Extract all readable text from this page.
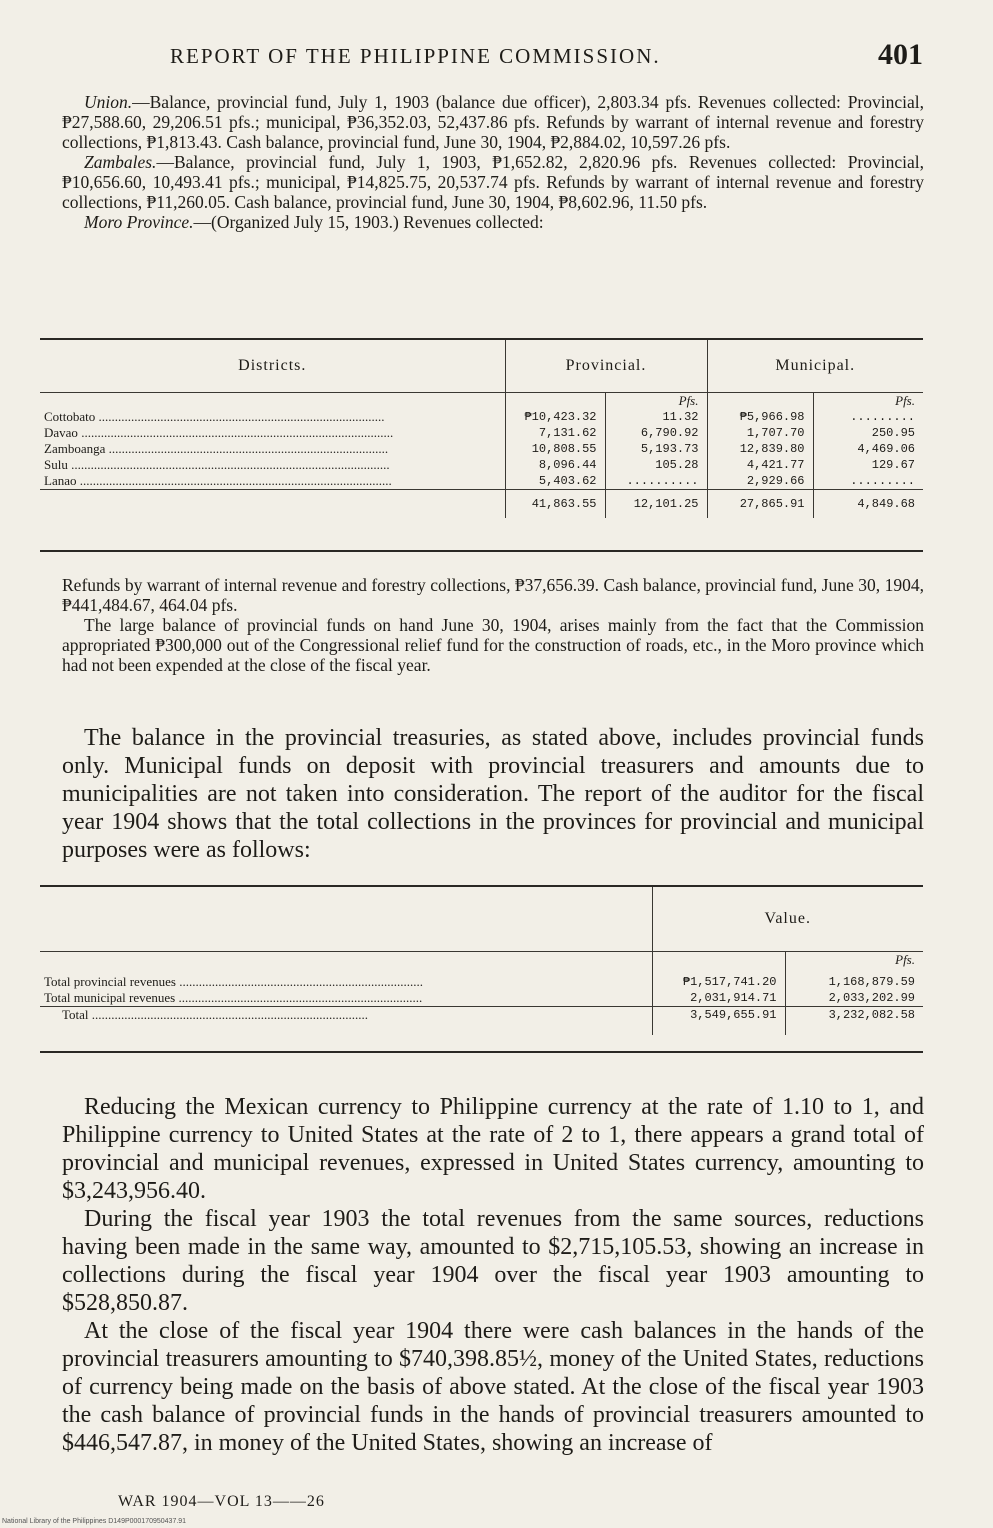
REPORT OF THE PHILIPPINE COMMISSION.	401

Union.—Balance, provincial fund, July 1, 1903 (balance due officer), 2,803.34 pfs. Revenues collected: Provincial, ₱27,588.60, 29,206.51 pfs.; municipal, ₱36,352.03, 52,437.86 pfs. Refunds by warrant of internal revenue and forestry collections, ₱1,813.43. Cash balance, provincial fund, June 30, 1904, ₱2,884.02, 10,597.26 pfs.

Zambales.—Balance, provincial fund, July 1, 1903, ₱1,652.82, 2,820.96 pfs. Revenues collected: Provincial, ₱10,656.60, 10,493.41 pfs.; municipal, ₱14,825.75, 20,537.74 pfs. Refunds by warrant of internal revenue and forestry collections, ₱11,260.05. Cash balance, provincial fund, June 30, 1904, ₱8,602.96, 11.50 pfs.

Moro Province.—(Organized July 15, 1903.) Revenues collected:

Districts.	Provincial.		Municipal.	
		Pfs.		Pfs.
Cottobato ........................................................................................	₱10,423.32	11.32	₱5,966.98	.........
Davao ................................................................................................	7,131.62	6,790.92	1,707.70	250.95
Zamboanga ......................................................................................	10,808.55	5,193.73	12,839.80	4,469.06
Sulu ..................................................................................................	8,096.44	105.28	4,421.77	129.67
Lanao ................................................................................................	5,403.62	..........	2,929.66	.........
	41,863.55	12,101.25	27,865.91	4,849.68

Refunds by warrant of internal revenue and forestry collections, ₱37,656.39. Cash balance, provincial fund, June 30, 1904, ₱441,484.67, 464.04 pfs.

The large balance of provincial funds on hand June 30, 1904, arises mainly from the fact that the Commission appropriated ₱300,000 out of the Congressional relief fund for the construction of roads, etc., in the Moro province which had not been expended at the close of the fiscal year.

The balance in the provincial treasuries, as stated above, includes provincial funds only. Municipal funds on deposit with provincial treasurers and amounts due to municipalities are not taken into consideration. The report of the auditor for the fiscal year 1904 shows that the total collections in the provinces for provincial and municipal purposes were as follows:

	Value.	
		Pfs.
Total provincial revenues ...........................................................................	₱1,517,741.20	1,168,879.59
Total municipal revenues ...........................................................................	2,031,914.71	2,033,202.99
Total .....................................................................................	3,549,655.91	3,232,082.58

Reducing the Mexican currency to Philippine currency at the rate of 1.10 to 1, and Philippine currency to United States at the rate of 2 to 1, there appears a grand total of provincial and municipal revenues, expressed in United States currency, amounting to $3,243,956.40.

During the fiscal year 1903 the total revenues from the same sources, reductions having been made in the same way, amounted to $2,715,105.53, showing an increase in collections during the fiscal year 1904 over the fiscal year 1903 amounting to $528,850.87.

At the close of the fiscal year 1904 there were cash balances in the hands of the provincial treasurers amounting to $740,398.85½, money of the United States, reductions of currency being made on the basis of above stated. At the close of the fiscal year 1903 the cash balance of provincial funds in the hands of provincial treasurers amounted to $446,547.87, in money of the United States, showing an increase of

WAR 1904—VOL 13——26
National Library of the Philippines D149P000170950437.91
